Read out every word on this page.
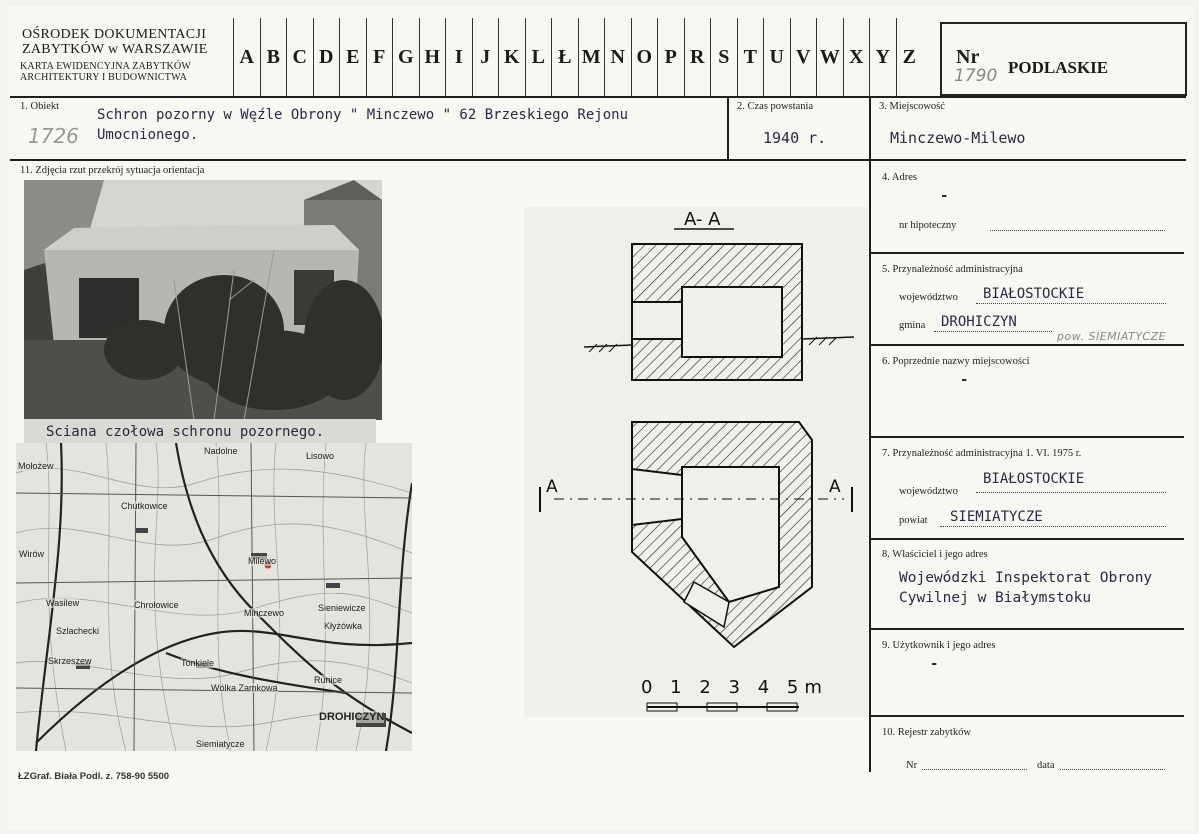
OŚRODEK DOKUMENTACJI
ZABYTKÓW w WARSZAWIE
KARTA EWIDENCYJNA ZABYTKÓW
ARCHITEKTURY I BUDOWNICTWA
A B C D E F G H I J K L Ł M N O P R S T U V W X Y Z	Nr
1790 PODLASKIE
1. Obiekt
Schron pozorny w Węźle Obrony " Minczewo " 62 Brzeskiego Rejonu Umocnionego.
1726
2. Czas powstania
1940 r.
3. Miejscowość
Minczewo-Milewo
11. Zdjęcia rzut przekrój sytuacja orientacja
4. Adres
-
nr hipoteczny
5. Przynależność administracyjna
województwo BIAŁOSTOCKIE
gmina DROHICZYN
pow. SIEMIATYCZE
6. Poprzednie nazwy miejscowości
-
7. Przynależność administracyjna 1. VI. 1975 r.
województwo
BIAŁOSTOCKIE
powiat SIEMIATYCZE
8. Właściciel i jego adres
Wojewódzki Inspektorat Obrony
Cywilnej w Białymstoku
9. Użytkownik i jego adres
-
10. Rejestr zabytków
Nr	data
Sciana czołowa schronu pozornego.
Nadolne	Lisowo
Mołożew
Chutkowice
Milewo
Minczewo	Sieniewicze
Kłyżówka
Wasilew
Szlachecki
Chrołowice
Skrzeszew	Tonkiele
Runice
Wólka Zamkowa
DROHICZYN
Siemiatycze
Wirów
A- A
A	A
0 1 2 3 4 5m
ŁZGraf. Biała Podl. z. 758-90 5500
